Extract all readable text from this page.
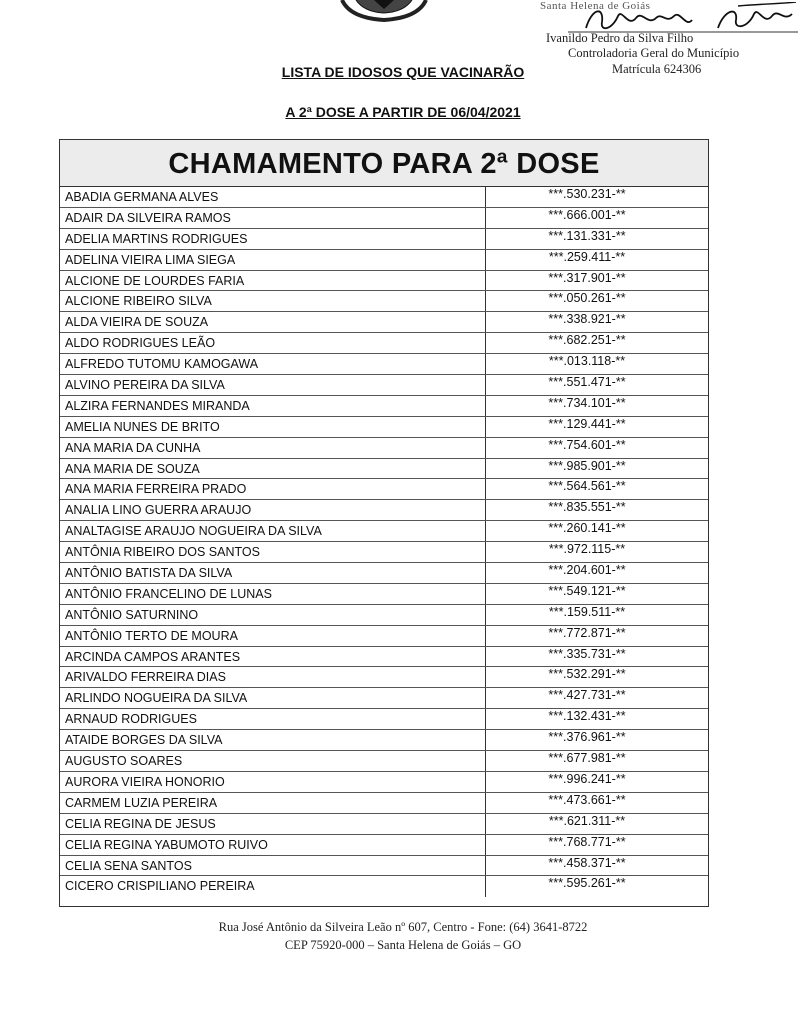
Santa Helena de Goiás
Ivanildo Pedro da Silva Filho
Controladoria Geral do Município
Matrícula 624306
LISTA DE IDOSOS QUE VACINARÃO
A 2ª DOSE A PARTIR DE 06/04/2021
CHAMAMENTO PARA 2ª DOSE
ABADIA GERMANA ALVES	***.530.231-**
ADAIR DA SILVEIRA RAMOS	***.666.001-**
ADELIA MARTINS RODRIGUES	***.131.331-**
ADELINA VIEIRA LIMA SIEGA	***.259.411-**
ALCIONE DE LOURDES FARIA	***.317.901-**
ALCIONE RIBEIRO SILVA	***.050.261-**
ALDA VIEIRA DE SOUZA	***.338.921-**
ALDO RODRIGUES LEÃO	***.682.251-**
ALFREDO TUTOMU KAMOGAWA	***.013.118-**
ALVINO PEREIRA DA SILVA	***.551.471-**
ALZIRA FERNANDES MIRANDA	***.734.101-**
AMELIA NUNES DE BRITO	***.129.441-**
ANA MARIA DA CUNHA	***.754.601-**
ANA MARIA DE SOUZA	***.985.901-**
ANA MARIA FERREIRA PRADO	***.564.561-**
ANALIA LINO GUERRA ARAUJO	***.835.551-**
ANALTAGISE ARAUJO NOGUEIRA DA SILVA	***.260.141-**
ANTÔNIA RIBEIRO DOS SANTOS	***.972.115-**
ANTÔNIO BATISTA DA SILVA	***.204.601-**
ANTÔNIO FRANCELINO DE LUNAS	***.549.121-**
ANTÔNIO SATURNINO	***.159.511-**
ANTÔNIO TERTO DE MOURA	***.772.871-**
ARCINDA CAMPOS ARANTES	***.335.731-**
ARIVALDO FERREIRA DIAS	***.532.291-**
ARLINDO NOGUEIRA DA SILVA	***.427.731-**
ARNAUD RODRIGUES	***.132.431-**
ATAIDE BORGES DA SILVA	***.376.961-**
AUGUSTO SOARES	***.677.981-**
AURORA VIEIRA HONORIO	***.996.241-**
CARMEM LUZIA PEREIRA	***.473.661-**
CELIA REGINA DE JESUS	***.621.311-**
CELIA REGINA YABUMOTO RUIVO	***.768.771-**
CELIA SENA SANTOS	***.458.371-**
CICERO CRISPILIANO PEREIRA	***.595.261-**
Rua José Antônio da Silveira Leão nº 607, Centro - Fone: (64) 3641-8722
CEP 75920-000 – Santa Helena de Goiás – GO
